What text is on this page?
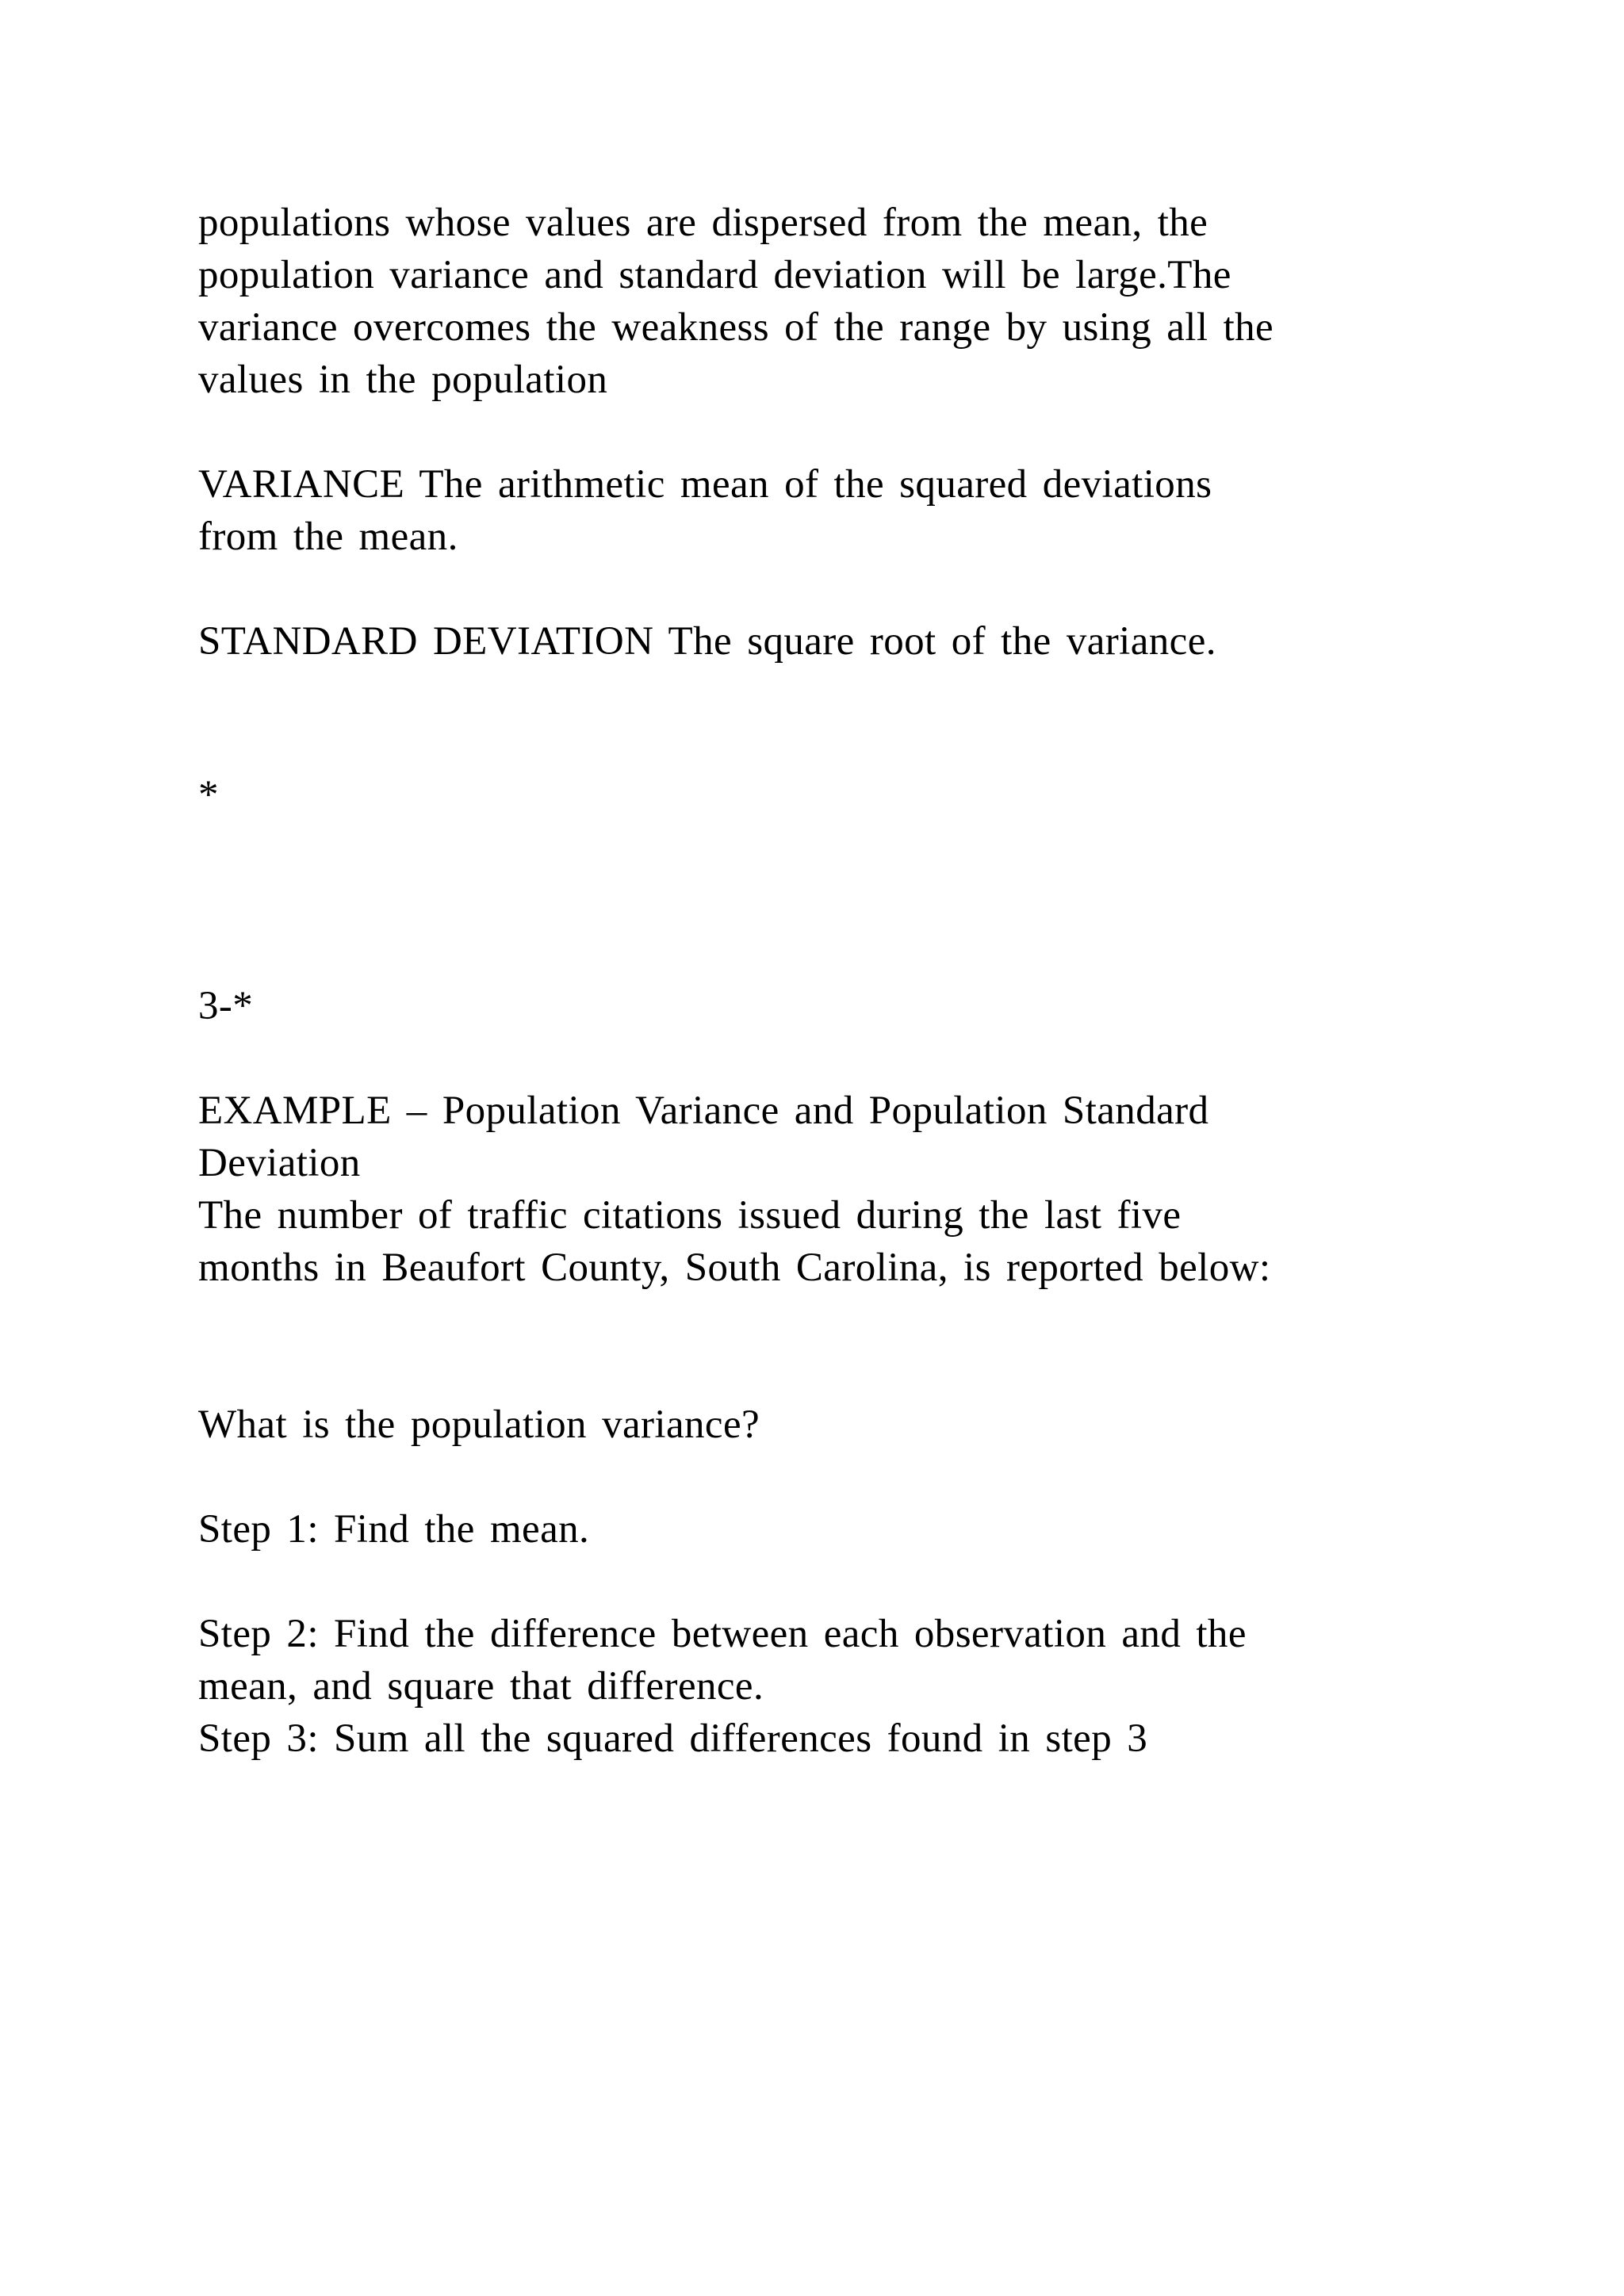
populations whose values are dispersed from the mean, the

population variance and standard deviation will be large.The

variance overcomes the weakness of the range by using all the

values in the population

VARIANCE The arithmetic mean of the squared deviations

from the mean.

STANDARD DEVIATION The square root of the variance.

*

3-*

EXAMPLE – Population Variance and Population Standard

Deviation

The number of traffic citations issued during the last five

months in Beaufort County, South Carolina, is reported below:

What is the population variance?

Step 1: Find the mean.

Step 2: Find the difference between each observation and the

mean, and square that difference.

Step 3: Sum all the squared differences found in step 3
